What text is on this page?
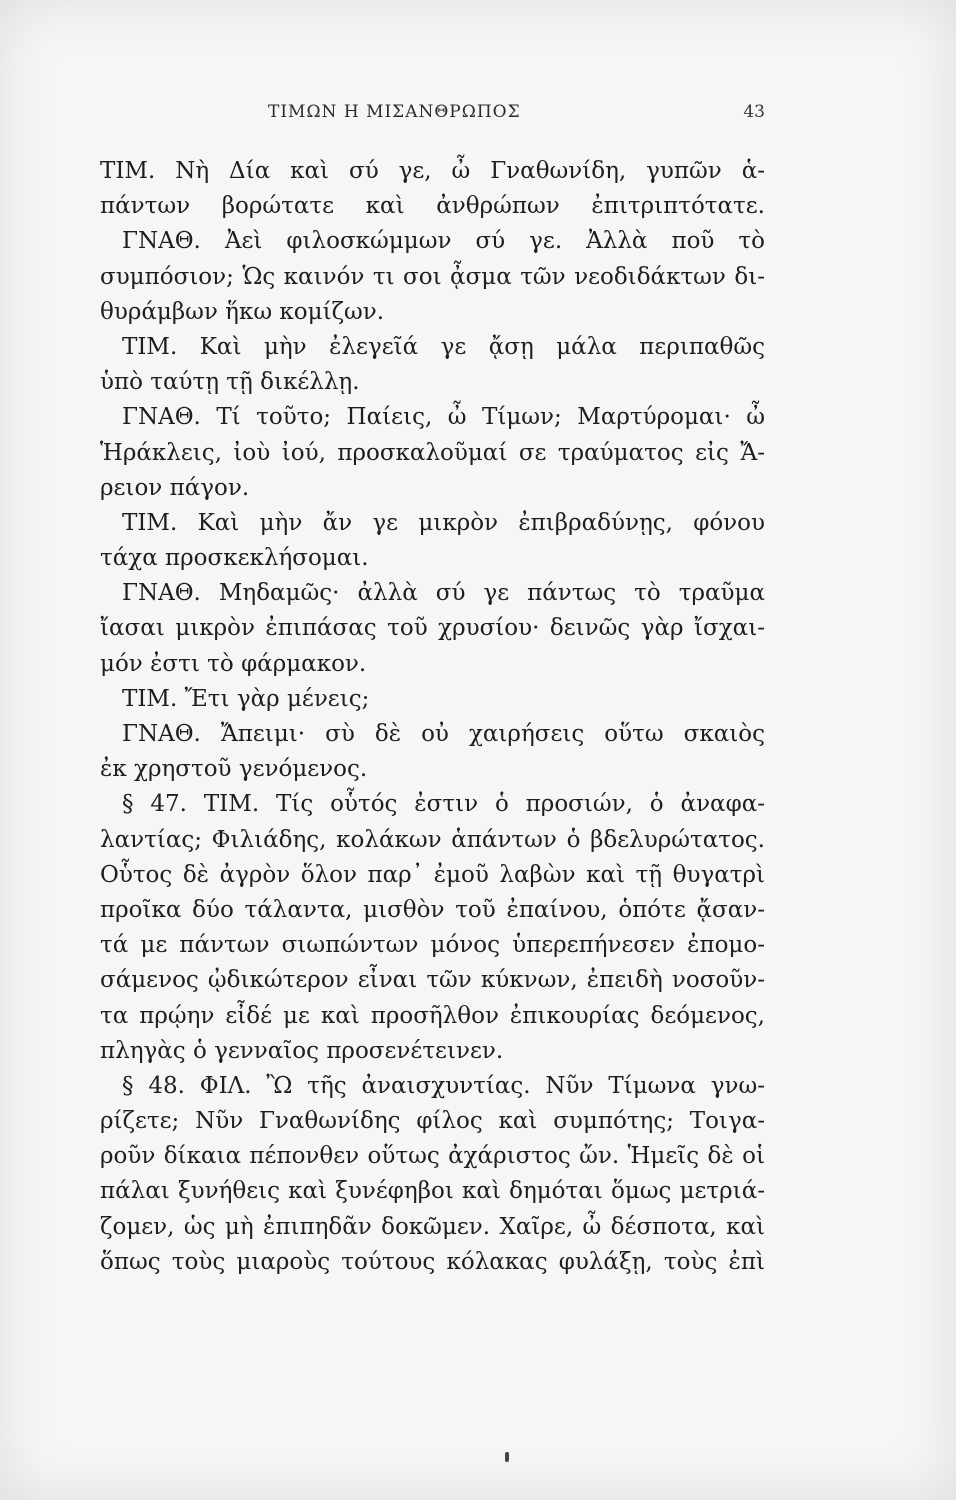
ΤΙΜΩΝ Η ΜΙΣΑΝΘΡΩΠΟΣ	43
ΤΙΜ. Νὴ Δία καὶ σύ γε, ὦ Γναθωνίδη, γυπῶν ἁ-
πάντων βορώτατε καὶ ἀνθρώπων ἐπιτριπτότατε.
ΓΝΑΘ. Ἀεὶ φιλοσκώμμων σύ γε. Ἀλλὰ ποῦ τὸ
συμπόσιον; Ὡς καινόν τι σοι ᾆσμα τῶν νεοδιδάκτων δι-
θυράμβων ἥκω κομίζων.
ΤΙΜ. Καὶ μὴν ἐλεγεῖά γε ᾄσῃ μάλα περιπαθῶς
ὑπὸ ταύτῃ τῇ δικέλλῃ.
ΓΝΑΘ. Τί τοῦτο; Παίεις, ὦ Τίμων; Μαρτύρομαι· ὦ
Ἡράκλεις, ἰοὺ ἰού, προσκαλοῦμαί σε τραύματος εἰς Ἄ-
ρειον πάγον.
ΤΙΜ. Καὶ μὴν ἄν γε μικρὸν ἐπιβραδύνῃς, φόνου
τάχα προσκεκλήσομαι.
ΓΝΑΘ. Μηδαμῶς· ἀλλὰ σύ γε πάντως τὸ τραῦμα
ἴασαι μικρὸν ἐπιπάσας τοῦ χρυσίου· δεινῶς γὰρ ἴσχαι-
μόν ἐστι τὸ φάρμακον.
ΤΙΜ. Ἔτι γὰρ μένεις;
ΓΝΑΘ. Ἄπειμι· σὺ δὲ οὐ χαιρήσεις οὕτω σκαιὸς
ἐκ χρηστοῦ γενόμενος.
§ 47. ΤΙΜ. Τίς οὗτός ἐστιν ὁ προσιών, ὁ ἀναφα-
λαντίας; Φιλιάδης, κολάκων ἁπάντων ὁ βδελυρώτατος.
Οὗτος δὲ ἀγρὸν ὅλον παρ᾽ ἐμοῦ λαβὼν καὶ τῇ θυγατρὶ
προῖκα δύο τάλαντα, μισθὸν τοῦ ἐπαίνου, ὁπότε ᾄσαν-
τά με πάντων σιωπώντων μόνος ὑπερεπήνεσεν ἐπομο-
σάμενος ᾠδικώτερον εἶναι τῶν κύκνων, ἐπειδὴ νοσοῦν-
τα πρῴην εἶδέ με καὶ προσῆλθον ἐπικουρίας δεόμενος,
πληγὰς ὁ γενναῖος προσενέτεινεν.
§ 48. ΦΙΛ. Ὢ τῆς ἀναισχυντίας. Νῦν Τίμωνα γνω-
ρίζετε; Νῦν Γναθωνίδης φίλος καὶ συμπότης; Τοιγα-
ροῦν δίκαια πέπονθεν οὕτως ἀχάριστος ὤν. Ἡμεῖς δὲ οἱ
πάλαι ξυνήθεις καὶ ξυνέφηβοι καὶ δημόται ὅμως μετριά-
ζομεν, ὡς μὴ ἐπιπηδᾶν δοκῶμεν. Χαῖρε, ὦ δέσποτα, καὶ
ὅπως τοὺς μιαροὺς τούτους κόλακας φυλάξῃ, τοὺς ἐπὶ
